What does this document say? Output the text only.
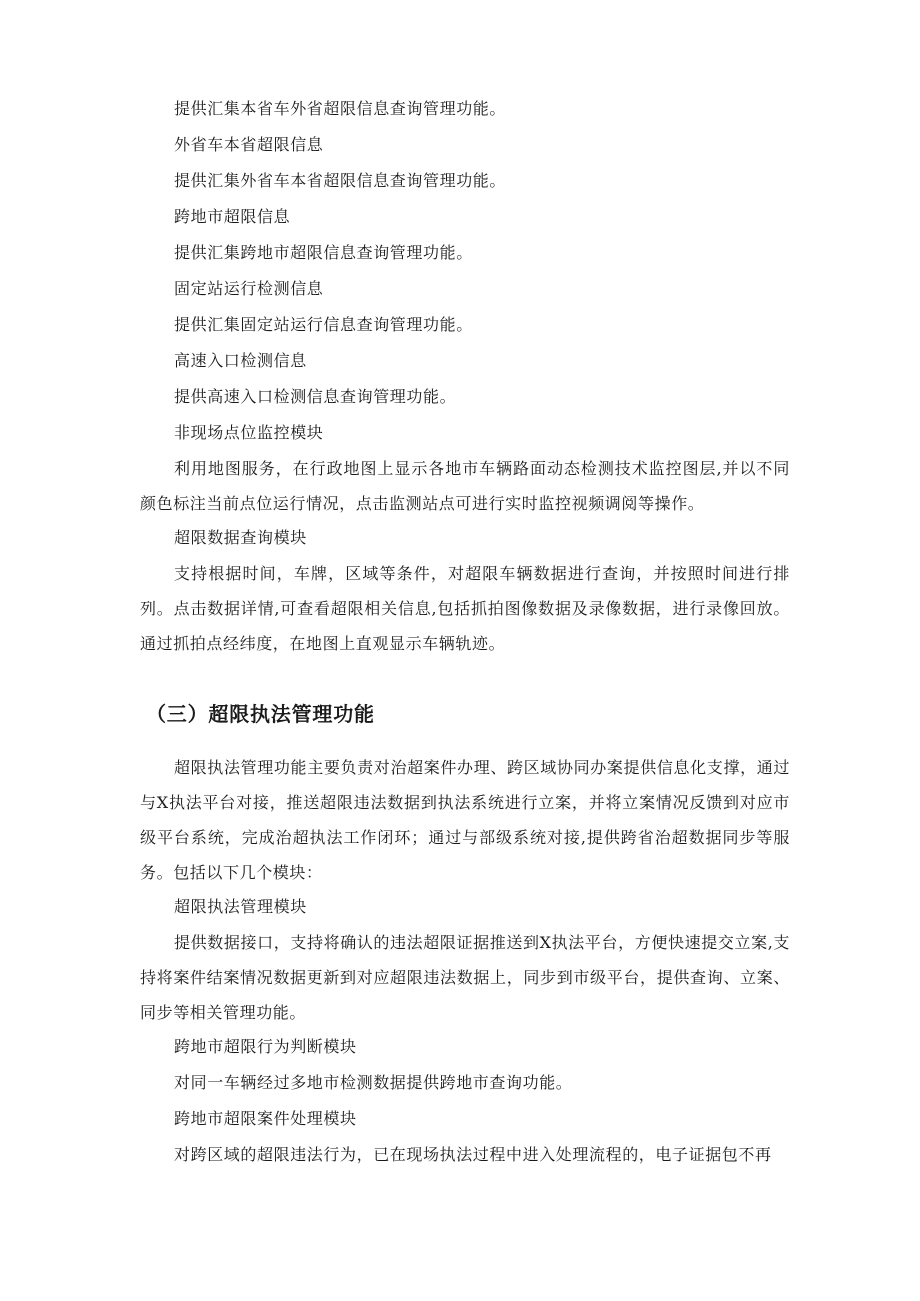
提供汇集本省车外省超限信息查询管理功能。

外省车本省超限信息

提供汇集外省车本省超限信息查询管理功能。

跨地市超限信息

提供汇集跨地市超限信息查询管理功能。

固定站运行检测信息

提供汇集固定站运行信息查询管理功能。

高速入口检测信息

提供高速入口检测信息查询管理功能。

非现场点位监控模块

利用地图服务，在行政地图上显示各地市车辆路面动态检测技术监控图层,并以不同颜色标注当前点位运行情况，点击监测站点可进行实时监控视频调阅等操作。

超限数据查询模块

支持根据时间，车牌，区域等条件，对超限车辆数据进行查询，并按照时间进行排列。点击数据详情,可查看超限相关信息,包括抓拍图像数据及录像数据，进行录像回放。通过抓拍点经纬度，在地图上直观显示车辆轨迹。

（三）超限执法管理功能

超限执法管理功能主要负责对治超案件办理、跨区域协同办案提供信息化支撑，通过与X执法平台对接，推送超限违法数据到执法系统进行立案，并将立案情况反馈到对应市级平台系统，完成治超执法工作闭环；通过与部级系统对接,提供跨省治超数据同步等服务。包括以下几个模块：

超限执法管理模块

提供数据接口，支持将确认的违法超限证据推送到X执法平台，方便快速提交立案,支持将案件结案情况数据更新到对应超限违法数据上，同步到市级平台，提供查询、立案、同步等相关管理功能。

跨地市超限行为判断模块

对同一车辆经过多地市检测数据提供跨地市查询功能。

跨地市超限案件处理模块

对跨区域的超限违法行为，已在现场执法过程中进入处理流程的，电子证据包不再
